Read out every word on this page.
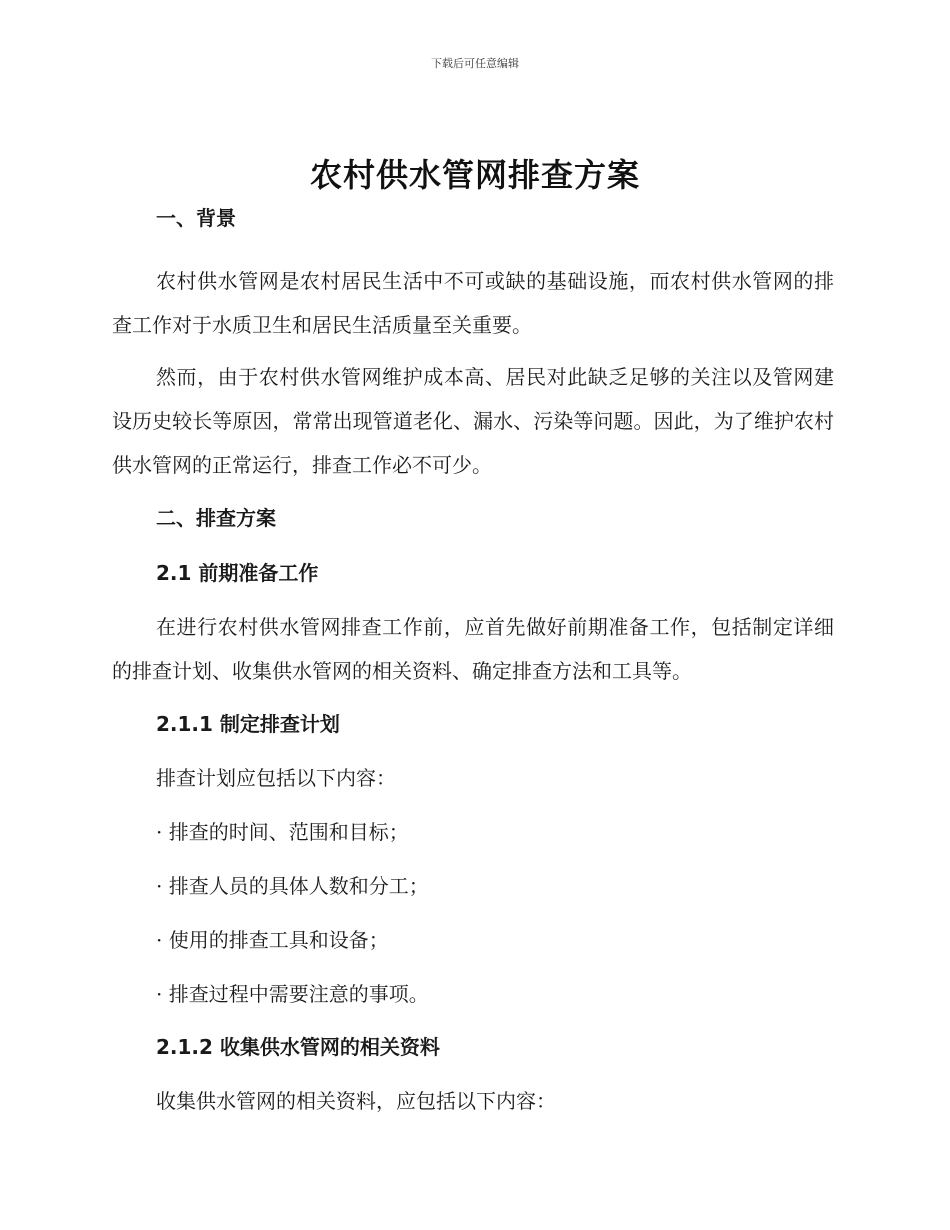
下载后可任意编辑
农村供水管网排查方案
一、背景
农村供水管网是农村居民生活中不可或缺的基础设施，而农村供水管网的排查工作对于水质卫生和居民生活质量至关重要。
然而，由于农村供水管网维护成本高、居民对此缺乏足够的关注以及管网建设历史较长等原因，常常出现管道老化、漏水、污染等问题。因此，为了维护农村供水管网的正常运行，排查工作必不可少。
二、排查方案
2.1 前期准备工作
在进行农村供水管网排查工作前，应首先做好前期准备工作，包括制定详细的排查计划、收集供水管网的相关资料、确定排查方法和工具等。
2.1.1 制定排查计划
排查计划应包括以下内容：
· 排查的时间、范围和目标；
· 排查人员的具体人数和分工；
· 使用的排查工具和设备；
· 排查过程中需要注意的事项。
2.1.2 收集供水管网的相关资料
收集供水管网的相关资料，应包括以下内容：
